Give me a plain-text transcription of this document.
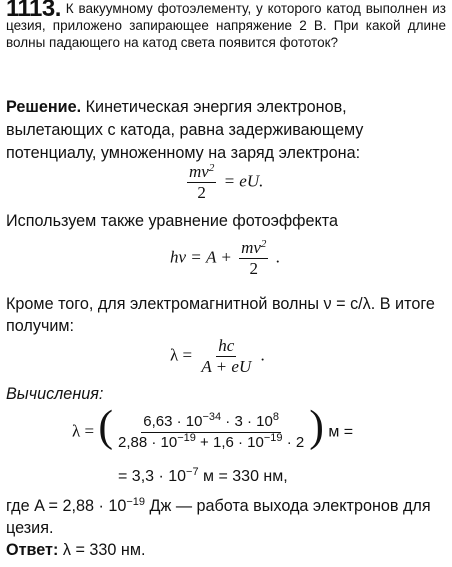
1113. К вакуумному фотоэлементу, у которого катод выполнен из цезия, приложено запирающее напряжение 2 В. При какой длине волны падающего на катод света появится фототок?
Решение. Кинетическая энергия электронов, вылетающих с катода, равна задерживающему потенциалу, умноженному на заряд электрона:
$\frac{mv^2}{2}$ = eU.
Используем также уравнение фотоэффекта
$h\nu = A + \frac{mv^2}{2}$ .
Кроме того, для электромагнитной волны ν = c/λ. В итоге получим:
$\lambda = \frac{hc}{A + eU}$ .
Вычисления:
λ = ( $\frac{6,63 \cdot 10^{-34} \cdot 3 \cdot 10^8}{2,88 \cdot 10^{-19} + 1,6 \cdot 10^{-19} \cdot 2}$ ) м =
= $3,3 \cdot 10^{-7}$ м = 330 нм,
где $A = 2,88 \cdot 10^{-19}$ Дж — работа выхода электронов для цезия.
Ответ: λ = 330 нм.
